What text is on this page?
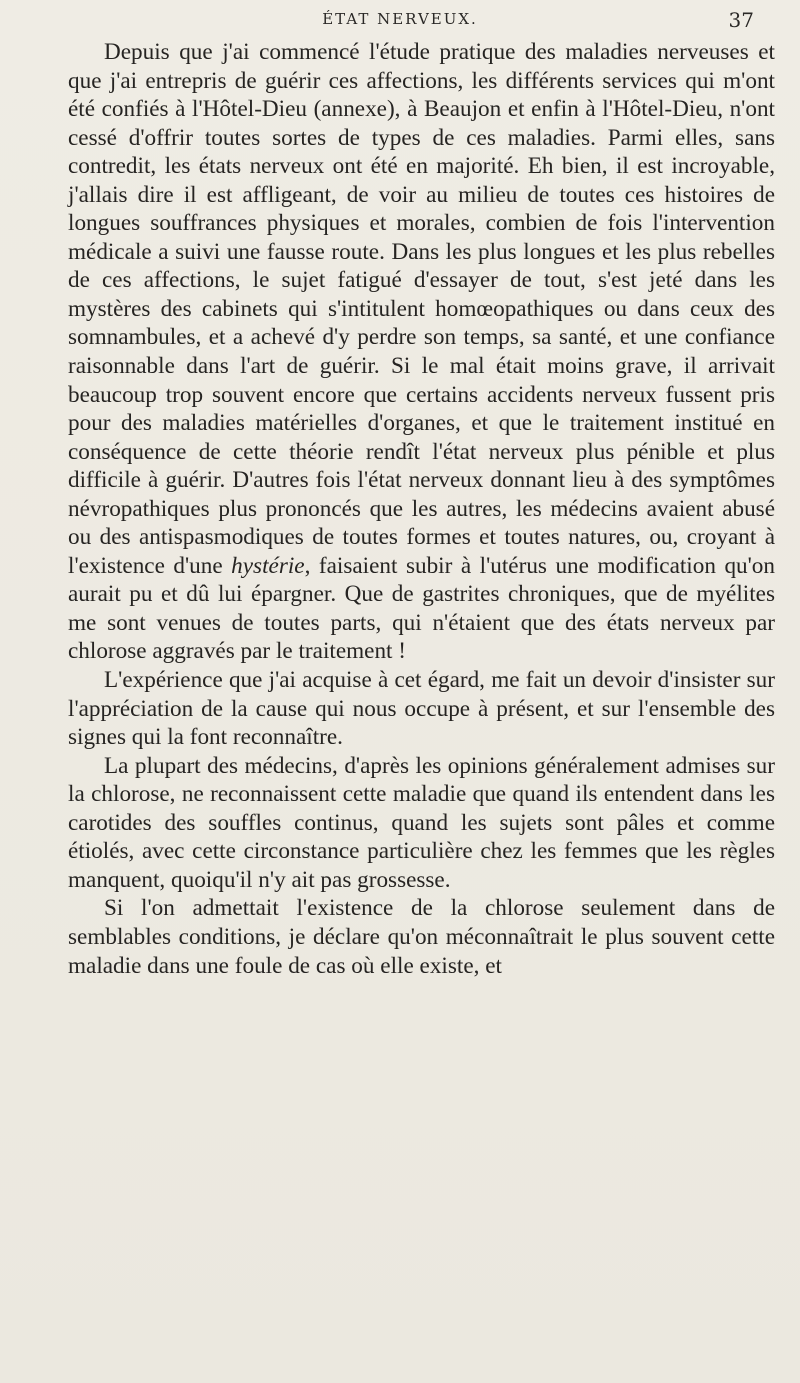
ÉTAT NERVEUX.	37

Depuis que j'ai commencé l'étude pratique des maladies nerveuses et que j'ai entrepris de guérir ces affections, les différents services qui m'ont été confiés à l'Hôtel-Dieu (annexe), à Beaujon et enfin à l'Hôtel-Dieu, n'ont cessé d'offrir toutes sortes de types de ces maladies. Parmi elles, sans contredit, les états nerveux ont été en majorité. Eh bien, il est incroyable, j'allais dire il est affligeant, de voir au milieu de toutes ces histoires de longues souffrances physiques et morales, combien de fois l'intervention médicale a suivi une fausse route. Dans les plus longues et les plus rebelles de ces affections, le sujet fatigué d'essayer de tout, s'est jeté dans les mystères des cabinets qui s'intitulent homœopathiques ou dans ceux des somnambules, et a achevé d'y perdre son temps, sa santé, et une confiance raisonnable dans l'art de guérir. Si le mal était moins grave, il arrivait beaucoup trop souvent encore que certains accidents nerveux fussent pris pour des maladies matérielles d'organes, et que le traitement institué en conséquence de cette théorie rendît l'état nerveux plus pénible et plus difficile à guérir. D'autres fois l'état nerveux donnant lieu à des symptômes névropathiques plus prononcés que les autres, les médecins avaient abusé ou des antispasmodiques de toutes formes et toutes natures, ou, croyant à l'existence d'une hystérie, faisaient subir à l'utérus une modification qu'on aurait pu et dû lui épargner. Que de gastrites chroniques, que de myélites me sont venues de toutes parts, qui n'étaient que des états nerveux par chlorose aggravés par le traitement !

L'expérience que j'ai acquise à cet égard, me fait un devoir d'insister sur l'appréciation de la cause qui nous occupe à présent, et sur l'ensemble des signes qui la font reconnaître.

La plupart des médecins, d'après les opinions généralement admises sur la chlorose, ne reconnaissent cette maladie que quand ils entendent dans les carotides des souffles continus, quand les sujets sont pâles et comme étiolés, avec cette circonstance particulière chez les femmes que les règles manquent, quoiqu'il n'y ait pas grossesse.

Si l'on admettait l'existence de la chlorose seulement dans de semblables conditions, je déclare qu'on méconnaîtrait le plus souvent cette maladie dans une foule de cas où elle existe, et
